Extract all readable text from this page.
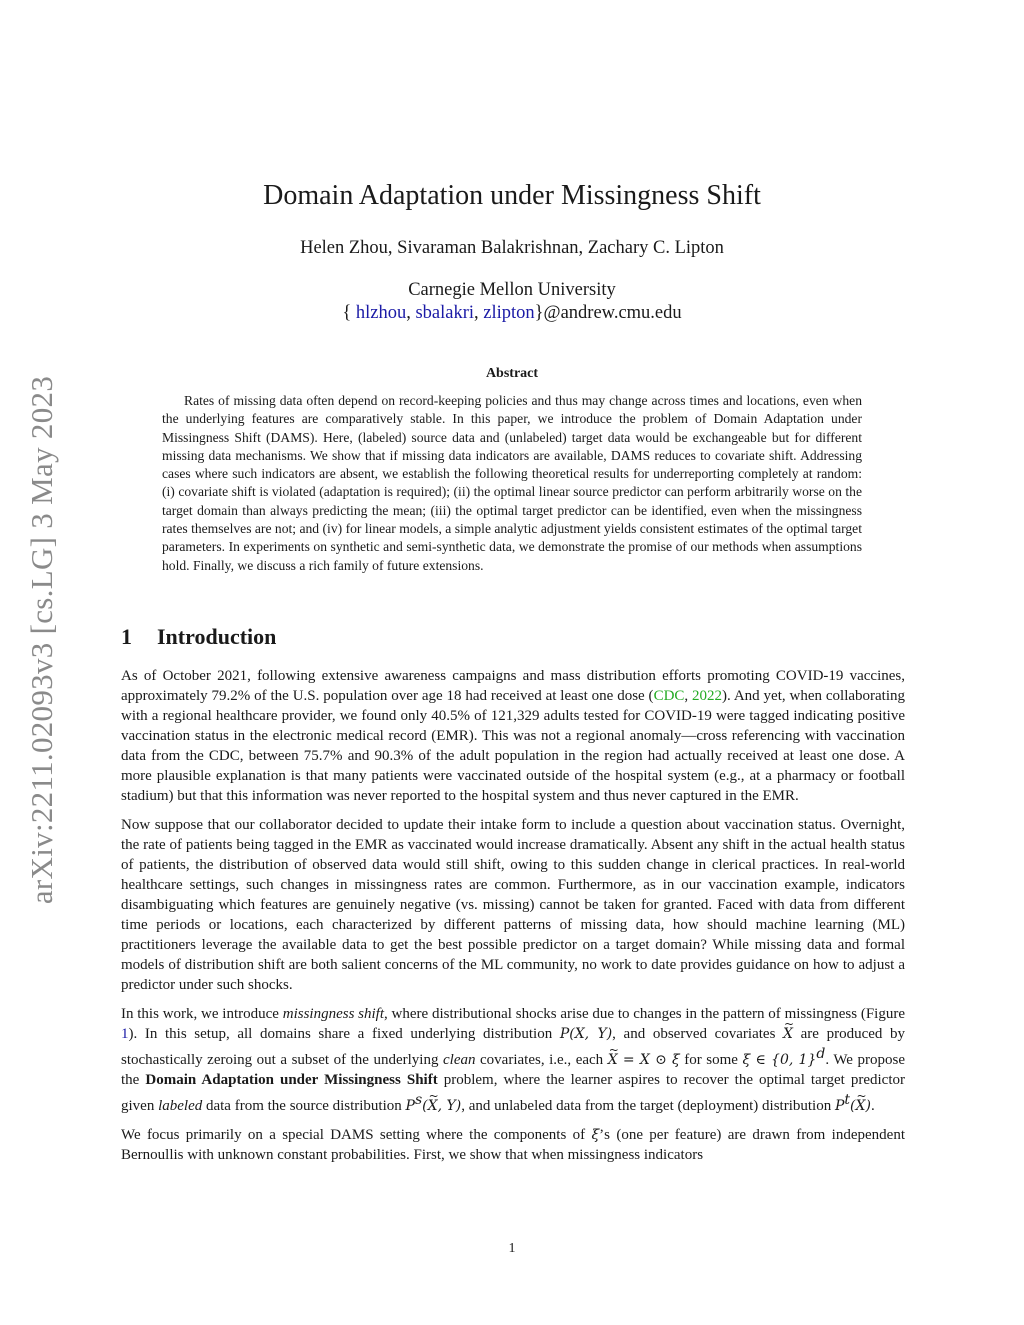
arXiv:2211.02093v3 [cs.LG] 3 May 2023
Domain Adaptation under Missingness Shift
Helen Zhou, Sivaraman Balakrishnan, Zachary C. Lipton
Carnegie Mellon University
{ hlzhou, sbalakri, zlipton}@andrew.cmu.edu
Abstract

Rates of missing data often depend on record-keeping policies and thus may change across times and locations, even when the underlying features are comparatively stable. In this paper, we introduce the problem of Domain Adaptation under Missingness Shift (DAMS). Here, (labeled) source data and (unlabeled) target data would be exchangeable but for different missing data mechanisms. We show that if missing data indicators are available, DAMS reduces to covariate shift. Addressing cases where such indicators are absent, we establish the following theoretical results for underreporting completely at random: (i) covariate shift is violated (adaptation is required); (ii) the optimal linear source predictor can perform arbitrarily worse on the target domain than always predicting the mean; (iii) the optimal target predictor can be identified, even when the missingness rates themselves are not; and (iv) for linear models, a simple analytic adjustment yields consistent estimates of the optimal target parameters. In experiments on synthetic and semi-synthetic data, we demonstrate the promise of our methods when assumptions hold. Finally, we discuss a rich family of future extensions.

1 Introduction

As of October 2021, following extensive awareness campaigns and mass distribution efforts promoting COVID-19 vaccines, approximately 79.2% of the U.S. population over age 18 had received at least one dose (CDC, 2022). And yet, when collaborating with a regional healthcare provider, we found only 40.5% of 121,329 adults tested for COVID-19 were tagged indicating positive vaccination status in the electronic medical record (EMR). This was not a regional anomaly—cross referencing with vaccination data from the CDC, between 75.7% and 90.3% of the adult population in the region had actually received at least one dose. A more plausible explanation is that many patients were vaccinated outside of the hospital system (e.g., at a pharmacy or football stadium) but that this information was never reported to the hospital system and thus never captured in the EMR.

Now suppose that our collaborator decided to update their intake form to include a question about vaccination status. Overnight, the rate of patients being tagged in the EMR as vaccinated would increase dramatically. Absent any shift in the actual health status of patients, the distribution of observed data would still shift, owing to this sudden change in clerical practices. In real-world healthcare settings, such changes in missingness rates are common. Furthermore, as in our vaccination example, indicators disambiguating which features are genuinely negative (vs. missing) cannot be taken for granted. Faced with data from different time periods or locations, each characterized by different patterns of missing data, how should machine learning (ML) practitioners leverage the available data to get the best possible predictor on a target domain? While missing data and formal models of distribution shift are both salient concerns of the ML community, no work to date provides guidance on how to adjust a predictor under such shocks.

In this work, we introduce missingness shift, where distributional shocks arise due to changes in the pattern of missingness (Figure 1). In this setup, all domains share a fixed underlying distribution P(X, Y), and observed covariates ~ X are produced by stochastically zeroing out a subset of the underlying clean covariates, i.e., each ~ X = X ⊙ ξ for some ξ ∈ {0, 1}$^d$. We propose the Domain Adaptation under Missingness Shift problem, where the learner aspires to recover the optimal target predictor given labeled data from the source distribution $P^s(\sim$ X, Y), and unlabeled data from the target (deployment) distribution $P^t(\sim$ X).

We focus primarily on a special DAMS setting where the components of ξ’s (one per feature) are drawn from independent Bernoullis with unknown constant probabilities. First, we show that when missingness indicators

1
